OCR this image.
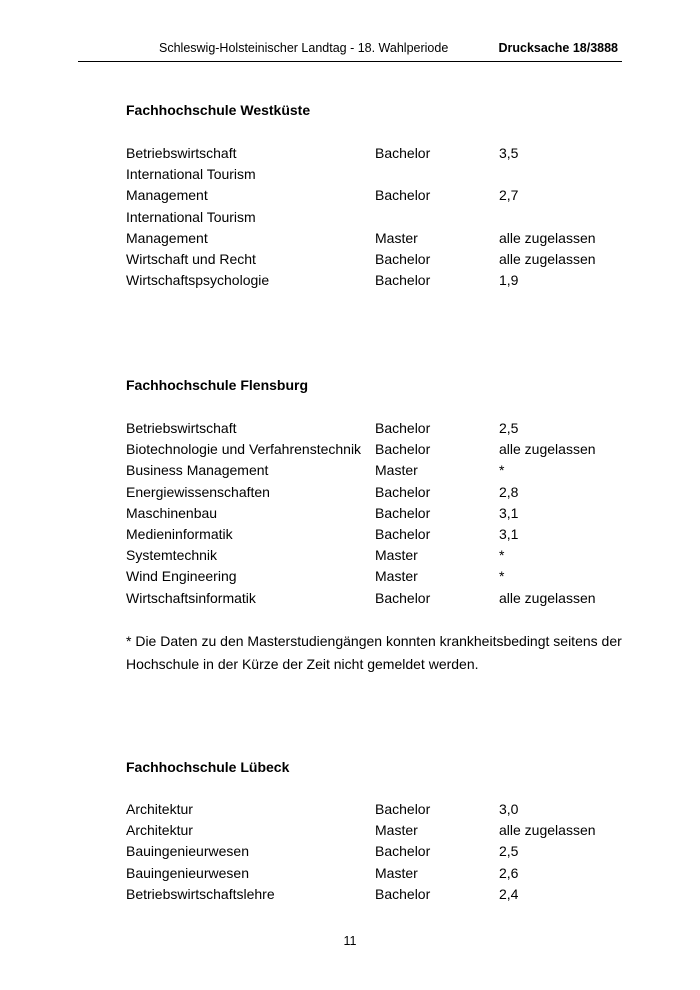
Schleswig-Holsteinischer Landtag - 18. Wahlperiode	Drucksache 18/3888
Fachhochschule Westküste
Betriebswirtschaft	Bachelor	3,5
International Tourism
Management	Bachelor	2,7
International Tourism
Management	Master	alle zugelassen
Wirtschaft und Recht	Bachelor	alle zugelassen
Wirtschaftspsychologie	Bachelor	1,9
Fachhochschule Flensburg
Betriebswirtschaft	Bachelor	2,5
Biotechnologie und Verfahrenstechnik Bachelor	alle zugelassen
Business Management	Master	*
Energiewissenschaften	Bachelor	2,8
Maschinenbau	Bachelor	3,1
Medieninformatik	Bachelor	3,1
Systemtechnik	Master	*
Wind Engineering	Master	*
Wirtschaftsinformatik	Bachelor	alle zugelassen
* Die Daten zu den Masterstudiengängen konnten krankheitsbedingt seitens der Hochschule in der Kürze der Zeit nicht gemeldet werden.
Fachhochschule Lübeck
Architektur	Bachelor	3,0
Architektur	Master	alle zugelassen
Bauingenieurwesen	Bachelor	2,5
Bauingenieurwesen	Master	2,6
Betriebswirtschaftslehre	Bachelor	2,4
11
